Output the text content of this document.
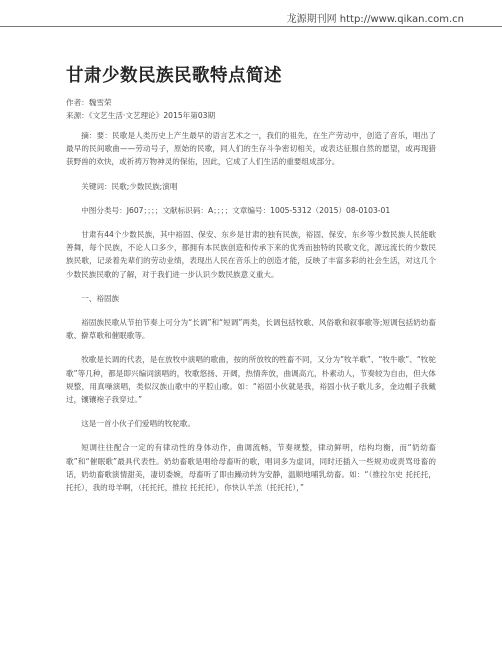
龙源期刊网 http://www.qikan.com.cn
甘肃少数民族民歌特点简述
作者：魏雪荣
来源：《文艺生活·文艺理论》2015年第03期

摘：要：民歌是人类历史上产生最早的语言艺术之一，我们的祖先，在生产劳动中，创造了音乐，唱出了最早的民间歌曲——劳动号子，原始的民歌，同人们的生存斗争密切相关，或表达征服自然的愿望，或再现猎获野兽的欢快，或祈祷万物神灵的保佑，因此，它成了人们生活的重要组成部分。

关键词：民歌;少数民族;演唱

中图分类号：J607；；；；文献标识码：A；；；；文章编号：1005-5312（2015）08-0103-01

甘肃有44个少数民族，其中裕固、保安、东乡是甘肃的独有民族，裕固、保安、东乡等少数民族人民能歌善舞，每个民族，不论人口多少，都拥有本民族创造和传承下来的优秀而独特的民歌文化，源远流长的少数民族民歌，记录着先辈们的劳动业绩，表现出人民在音乐上的创造才能，反映了丰富多彩的社会生活，对这几个少数民族民歌的了解，对于我们进一步认识少数民族意义重大。

一、裕固族

裕固族民歌从节拍节奏上可分为“长调”和“短调”两类，长调包括牧歌、风俗歌和叙事歌等;短调包括奶幼畜歌、擀草歌和催眠歌等。

牧歌是长调的代表，是在放牧中演唱的歌曲，按的所放牧的牲畜不同，又分为“牧羊歌”、“牧牛歌”、“牧驼歌”等几种，都是即兴编词演唱的，牧歌悠扬、开阔，热情奔放，曲调高亢，朴素动人，节奏较为自由，但大体规整，用真噪演唱，类似汉族山歌中的平腔山歌。如：“裕固小伙就是我，裕固小伙子歌儿多，金边帽子我戴过，镶镶袍子我穿过。”

这是一首小伙子们爱唱的牧驼歌。

短调往往配合一定的有律动性的身体动作，曲调流畅，节奏规整，律动鲜明，结构均衡，而“奶幼畜歌”和“催眠歌”最具代表性。奶幼畜歌是唱给母畜听的歌，唱词多为虚词，同时还插入一些规劝或责骂母畜的话，奶幼畜歌演情甜美，凄切委婉，母畜听了即由躁动转为安静，温顺地哺乳幼畜。如：“（推拉尔史 托托托，托托），我的母羊啊，（托托托，推拉 托托托），你快认羊羔（托托托），”
